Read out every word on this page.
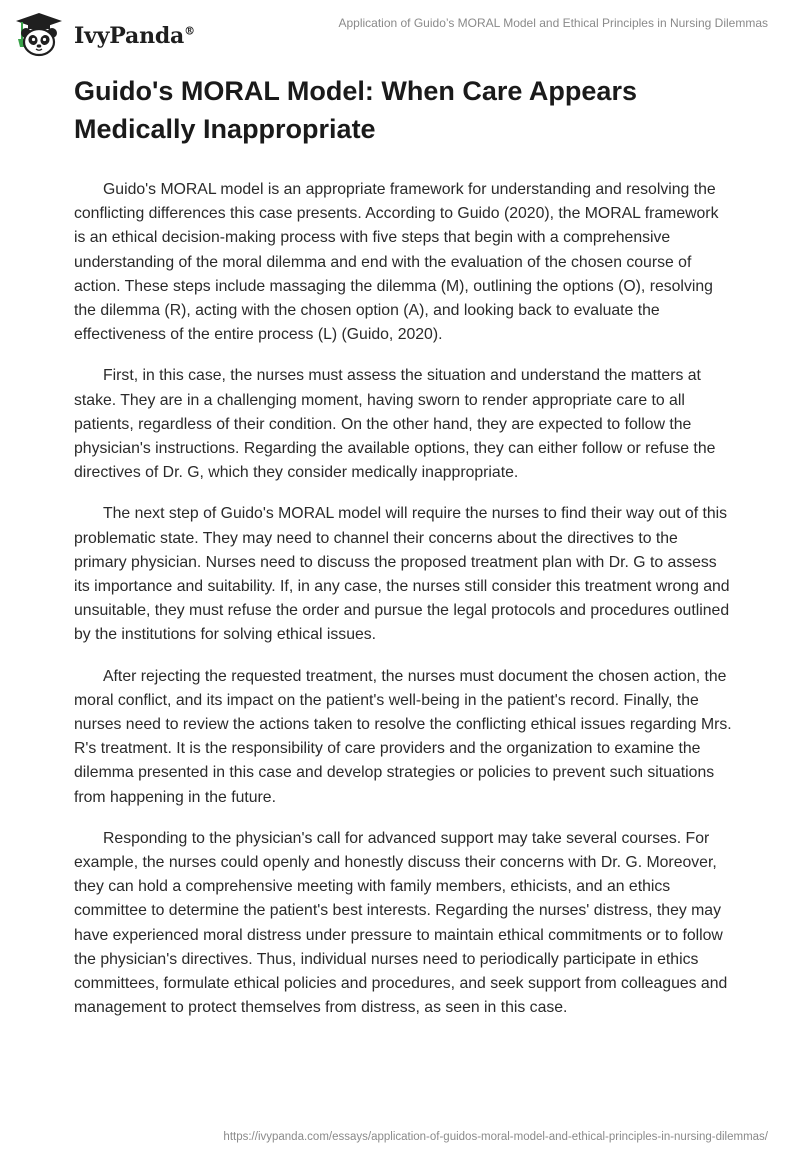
IvyPanda®
Application of Guido’s MORAL Model and Ethical Principles in Nursing Dilemmas
Guido's MORAL Model: When Care Appears Medically Inappropriate

Guido's MORAL model is an appropriate framework for understanding and resolving the conflicting differences this case presents. According to Guido (2020), the MORAL framework is an ethical decision-making process with five steps that begin with a comprehensive understanding of the moral dilemma and end with the evaluation of the chosen course of action. These steps include massaging the dilemma (M), outlining the options (O), resolving the dilemma (R), acting with the chosen option (A), and looking back to evaluate the effectiveness of the entire process (L) (Guido, 2020).

First, in this case, the nurses must assess the situation and understand the matters at stake. They are in a challenging moment, having sworn to render appropriate care to all patients, regardless of their condition. On the other hand, they are expected to follow the physician's instructions. Regarding the available options, they can either follow or refuse the directives of Dr. G, which they consider medically inappropriate.

The next step of Guido's MORAL model will require the nurses to find their way out of this problematic state. They may need to channel their concerns about the directives to the primary physician. Nurses need to discuss the proposed treatment plan with Dr. G to assess its importance and suitability. If, in any case, the nurses still consider this treatment wrong and unsuitable, they must refuse the order and pursue the legal protocols and procedures outlined by the institutions for solving ethical issues.

After rejecting the requested treatment, the nurses must document the chosen action, the moral conflict, and its impact on the patient's well-being in the patient's record. Finally, the nurses need to review the actions taken to resolve the conflicting ethical issues regarding Mrs. R's treatment. It is the responsibility of care providers and the organization to examine the dilemma presented in this case and develop strategies or policies to prevent such situations from happening in the future.

Responding to the physician's call for advanced support may take several courses. For example, the nurses could openly and honestly discuss their concerns with Dr. G. Moreover, they can hold a comprehensive meeting with family members, ethicists, and an ethics committee to determine the patient's best interests. Regarding the nurses' distress, they may have experienced moral distress under pressure to maintain ethical commitments or to follow the physician's directives. Thus, individual nurses need to periodically participate in ethics committees, formulate ethical policies and procedures, and seek support from colleagues and management to protect themselves from distress, as seen in this case.

https://ivypanda.com/essays/application-of-guidos-moral-model-and-ethical-principles-in-nursing-dilemmas/
